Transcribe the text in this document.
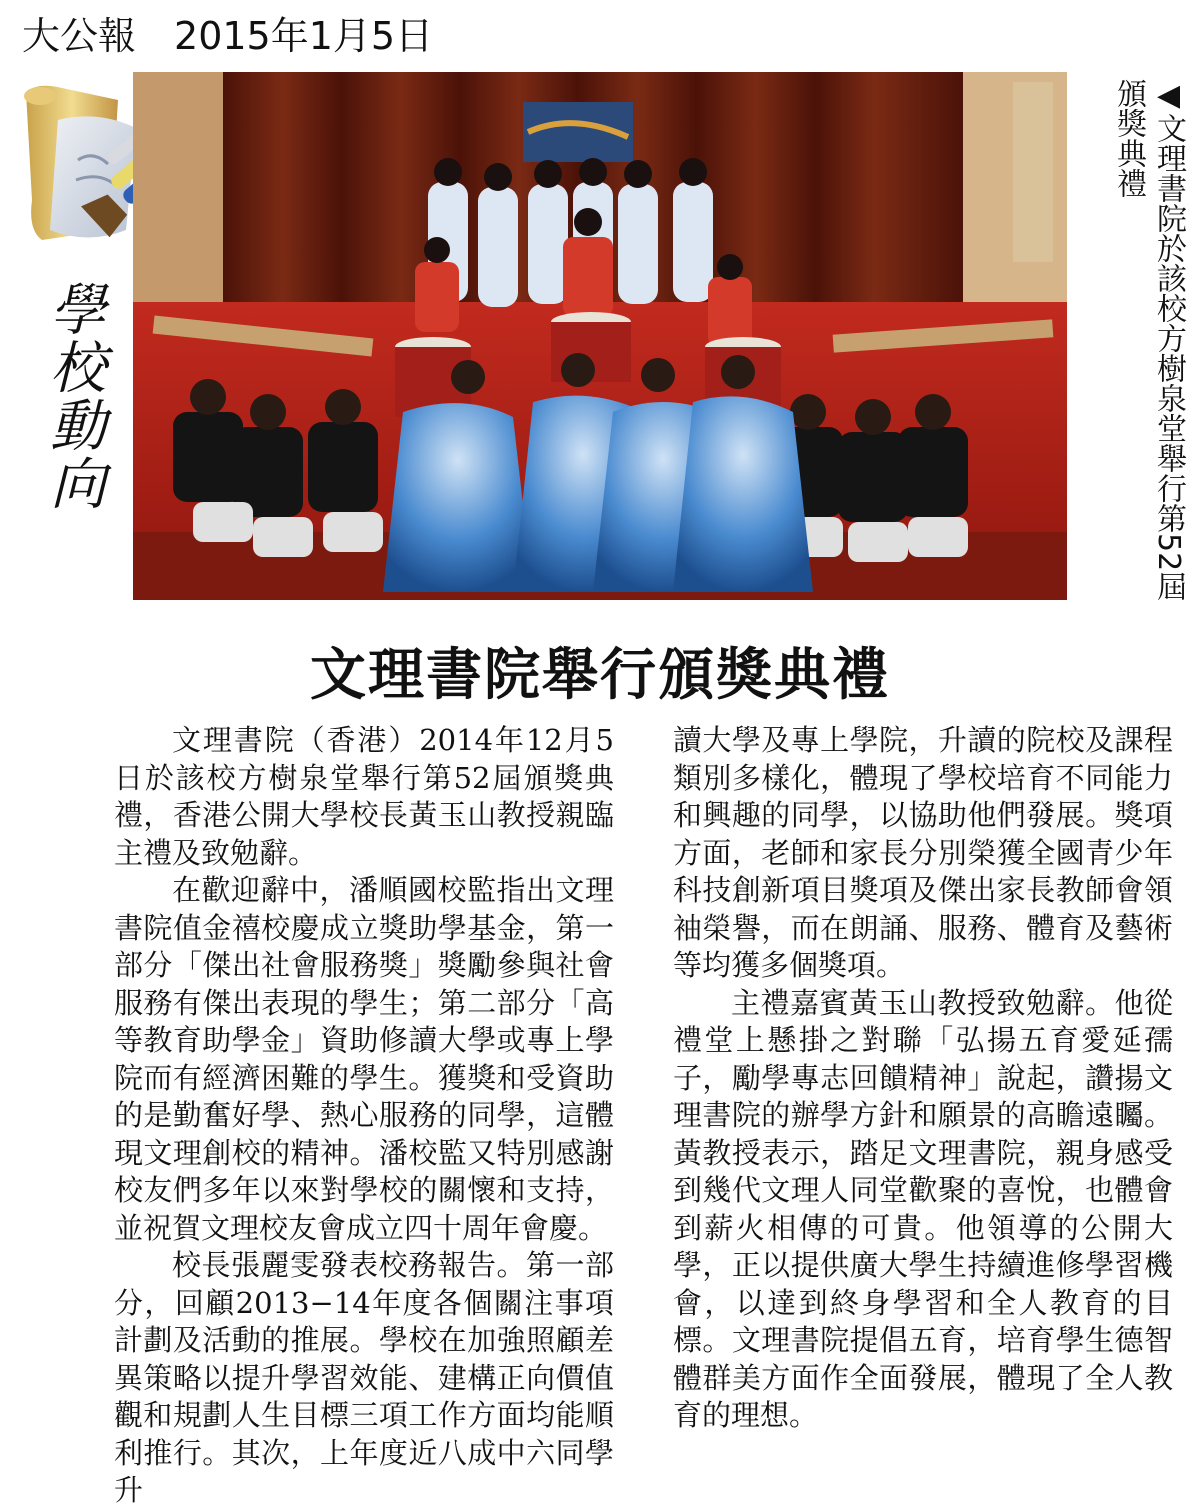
大公報 2015年1月5日
學校動向
◀文理書院於該校方樹泉堂舉行第52屆頒獎典禮
文理書院舉行頒獎典禮

文理書院（香港）2014年12月5日於該校方樹泉堂舉行第52屆頒獎典禮，香港公開大學校長黃玉山教授親臨主禮及致勉辭。

在歡迎辭中，潘順國校監指出文理書院值金禧校慶成立獎助學基金，第一部分「傑出社會服務獎」獎勵參與社會服務有傑出表現的學生；第二部分「高等教育助學金」資助修讀大學或專上學院而有經濟困難的學生。獲獎和受資助的是勤奮好學、熱心服務的同學，這體現文理創校的精神。潘校監又特別感謝校友們多年以來對學校的關懷和支持，並祝賀文理校友會成立四十周年會慶。

校長張麗雯發表校務報告。第一部分，回顧2013−14年度各個關注事項計劃及活動的推展。學校在加強照顧差異策略以提升學習效能、建構正向價值觀和規劃人生目標三項工作方面均能順利推行。其次，上年度近八成中六同學升

讀大學及專上學院，升讀的院校及課程類別多樣化，體現了學校培育不同能力和興趣的同學，以協助他們發展。獎項方面，老師和家長分別榮獲全國青少年科技創新項目獎項及傑出家長教師會領袖榮譽，而在朗誦、服務、體育及藝術等均獲多個獎項。

主禮嘉賓黃玉山教授致勉辭。他從禮堂上懸掛之對聯「弘揚五育愛延孺子，勵學專志回饋精神」說起，讚揚文理書院的辦學方針和願景的高瞻遠矚。黃教授表示，踏足文理書院，親身感受到幾代文理人同堂歡聚的喜悅，也體會到薪火相傳的可貴。他領導的公開大學，正以提供廣大學生持續進修學習機會，以達到終身學習和全人教育的目標。文理書院提倡五育，培育學生德智體群美方面作全面發展，體現了全人教育的理想。
